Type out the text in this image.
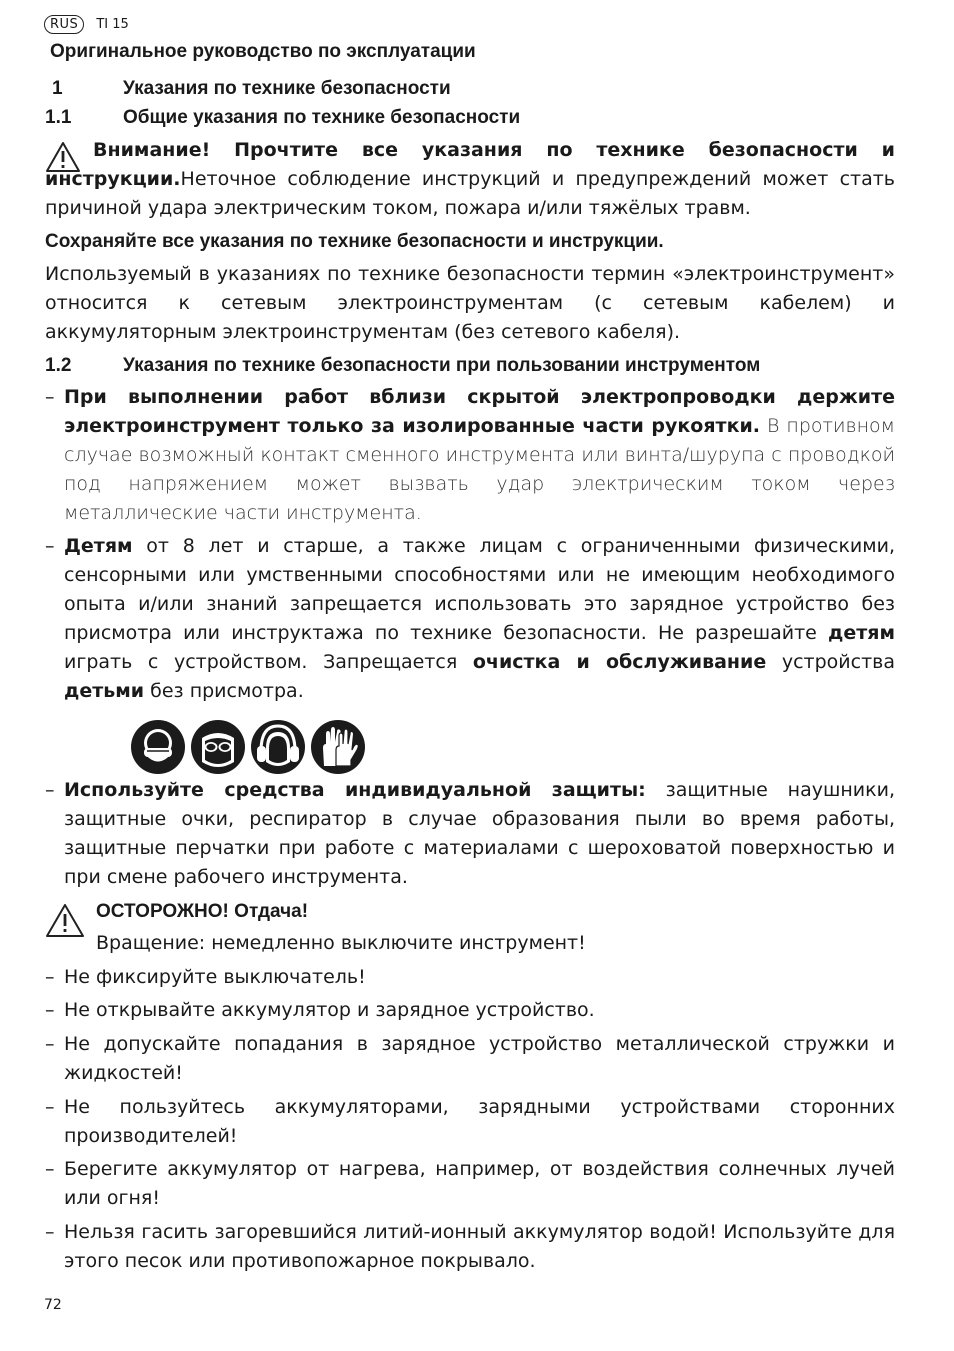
RUS	TI 15
Оригинальное руководство по эксплуатации
1	Указания по технике безопасности
1.1	Общие указания по технике безопасности
Внимание! Прочтите все указания по технике безопасности и инструкции.Неточное соблюдение инструкций и предупреждений может стать причиной удара электрическим током, пожара и/или тяжёлых травм.
Сохраняйте все указания по технике безопасности и инструкции.
Используемый в указаниях по технике безопасности термин «электроинструмент» относится к сетевым электроинструментам (с сетевым кабелем) и аккумуляторным электроинструментам (без сетевого кабеля).
1.2	Указания по технике безопасности при пользовании инструментом
– При выполнении работ вблизи скрытой электропроводки держите электроинструмент только за изолированные части рукоятки. В противном случае возможный контакт сменного инструмента или винта/шурупа с проводкой под напряжением может вызвать удар электрическим током через металлические части инструмента.
– Детям от 8 лет и старше, а также лицам с ограниченными физическими, сенсорными или умственными способностями или не имеющим необходимого опыта и/или знаний запрещается использовать это зарядное устройство без присмотра или инструктажа по технике безопасности. Не разрешайте детям играть с устройством. Запрещается очистка и обслуживание устройства детьми без присмотра.
– Используйте средства индивидуальной защиты: защитные наушники, защитные очки, респиратор в случае образования пыли во время работы, защитные перчатки при работе с материалами с шероховатой поверхностью и при смене рабочего инструмента.
ОСТОРОЖНО! Отдача!
Вращение: немедленно выключите инструмент!
– Не фиксируйте выключатель!
– Не открывайте аккумулятор и зарядное устройство.
– Не допускайте попадания в зарядное устройство металлической стружки и жидкостей!
– Не пользуйтесь аккумуляторами, зарядными устройствами сторонних производителей!
– Берегите аккумулятор от нагрева, например, от воздействия солнечных лучей или огня!
– Нельзя гасить загоревшийся литий-ионный аккумулятор водой! Используйте для этого песок или противопожарное покрывало.
72
